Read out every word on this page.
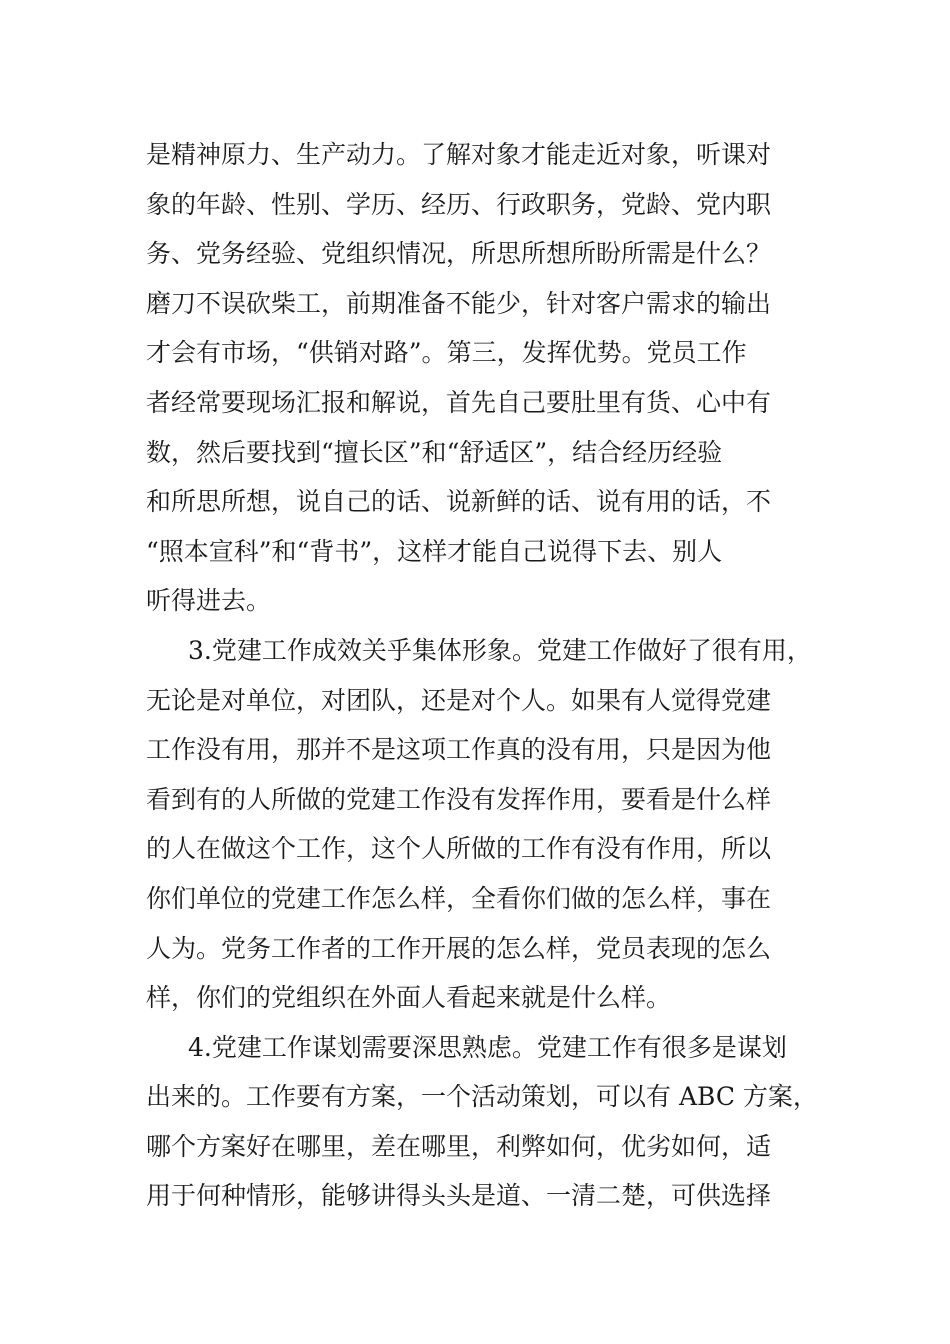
是精神原力、生产动力。了解对象才能走近对象，听课对
象的年龄、性别、学历、经历、行政职务，党龄、党内职
务、党务经验、党组织情况，所思所想所盼所需是什么？
磨刀不误砍柴工，前期准备不能少，针对客户需求的输出
才会有市场，“供销对路”。第三，发挥优势。党员工作
者经常要现场汇报和解说，首先自己要肚里有货、心中有
数，然后要找到“擅长区”和“舒适区”，结合经历经验
和所思所想，说自己的话、说新鲜的话、说有用的话，不
“照本宣科”和“背书”，这样才能自己说得下去、别人
听得进去。
3.党建工作成效关乎集体形象。党建工作做好了很有用，
无论是对单位，对团队，还是对个人。如果有人觉得党建
工作没有用，那并不是这项工作真的没有用，只是因为他
看到有的人所做的党建工作没有发挥作用，要看是什么样
的人在做这个工作，这个人所做的工作有没有作用，所以
你们单位的党建工作怎么样，全看你们做的怎么样，事在
人为。党务工作者的工作开展的怎么样，党员表现的怎么
样，你们的党组织在外面人看起来就是什么样。
4.党建工作谋划需要深思熟虑。党建工作有很多是谋划
出来的。工作要有方案，一个活动策划，可以有 ABC 方案，
哪个方案好在哪里，差在哪里，利弊如何，优劣如何，适
用于何种情形，能够讲得头头是道、一清二楚，可供选择
